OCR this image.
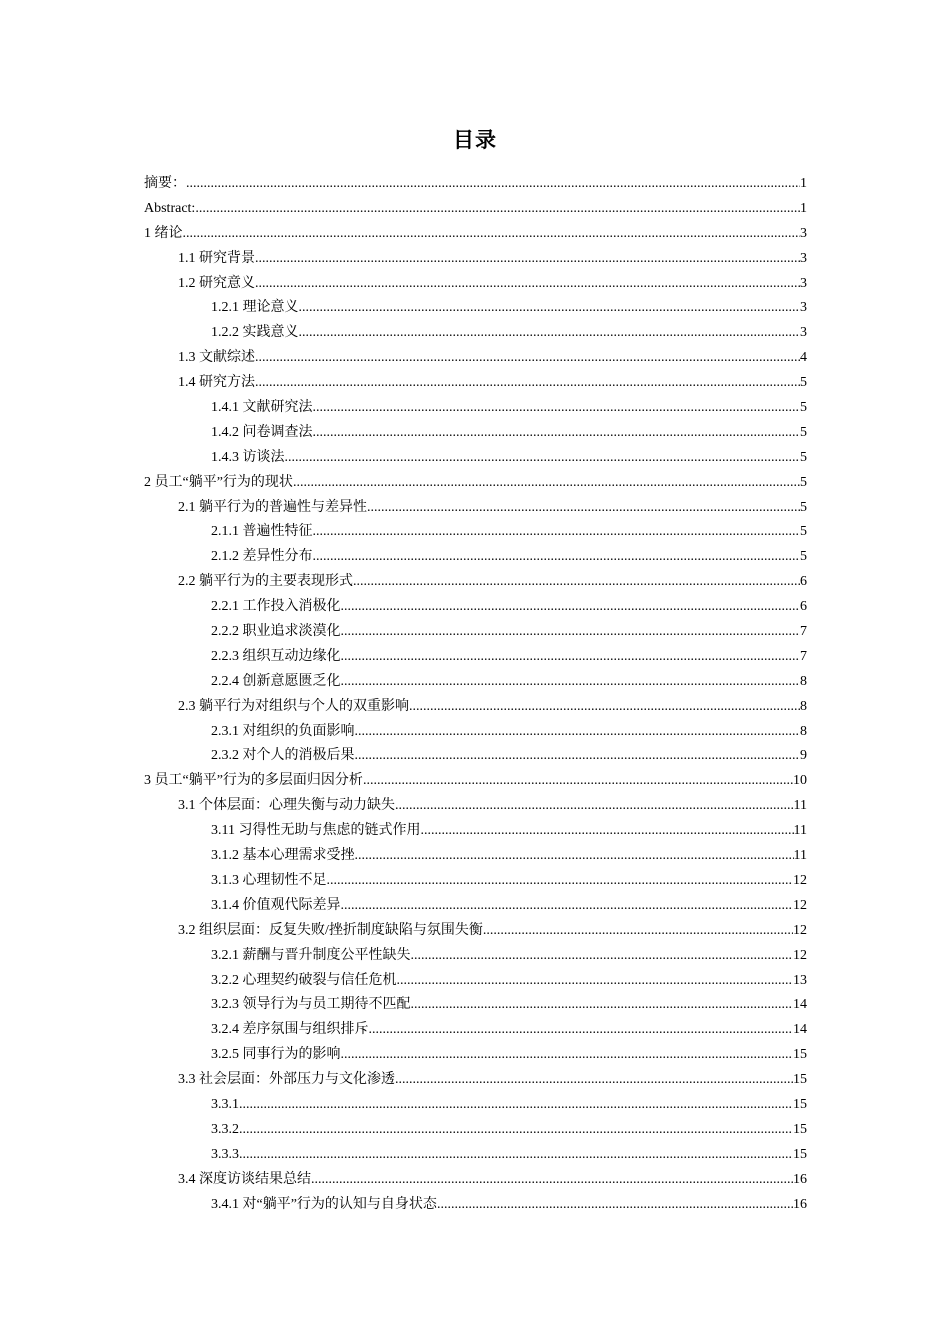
目录
摘要： .....	1
Abstract: .....	1
1 绪论 .....	3
1.1 研究背景 .....	3
1.2 研究意义 .....	3
1.2.1 理论意义 .....	3
1.2.2 实践意义 .....	3
1.3 文献综述 .....	4
1.4 研究方法 .....	5
1.4.1 文献研究法 .....	5
1.4.2 问卷调查法 .....	5
1.4.3 访谈法 .....	5
2 员工“躺平”行为的现状 .....	5
2.1 躺平行为的普遍性与差异性 .....	5
2.1.1 普遍性特征 .....	5
2.1.2 差异性分布 .....	5
2.2 躺平行为的主要表现形式 .....	6
2.2.1 工作投入消极化 .....	6
2.2.2 职业追求淡漠化 .....	7
2.2.3 组织互动边缘化 .....	7
2.2.4 创新意愿匮乏化 .....	8
2.3 躺平行为对组织与个人的双重影响 .....	8
2.3.1 对组织的负面影响 .....	8
2.3.2 对个人的消极后果 .....	9
3 员工“躺平”行为的多层面归因分析 .....	10
3.1 个体层面：心理失衡与动力缺失 .....	11
3.11 习得性无助与焦虑的链式作用 .....	11
3.1.2 基本心理需求受挫 .....	11
3.1.3 心理韧性不足 .....	12
3.1.4 价值观代际差异 .....	12
3.2 组织层面：反复失败/挫折制度缺陷与氛围失衡 .....	12
3.2.1 薪酬与晋升制度公平性缺失 .....	12
3.2.2 心理契约破裂与信任危机 .....	13
3.2.3 领导行为与员工期待不匹配 .....	14
3.2.4 差序氛围与组织排斥 .....	14
3.2.5 同事行为的影响 .....	15
3.3 社会层面：外部压力与文化渗透 .....	15
3.3.1 .....	15
3.3.2 .....	15
3.3.3 .....	15
3.4 深度访谈结果总结 .....	16
3.4.1 对“躺平”行为的认知与自身状态 .....	16
